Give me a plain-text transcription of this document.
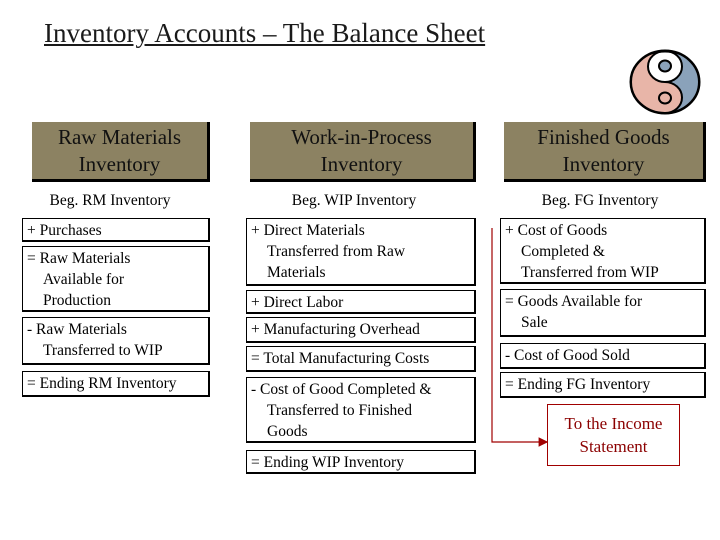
Inventory Accounts – The Balance Sheet
Raw Materials
Inventory
Work-in-Process
Inventory
Finished Goods
Inventory
Beg. RM Inventory	Beg. WIP Inventory	Beg. FG Inventory
+ Purchases
= Raw Materials
Available for
Production
- Raw Materials
Transferred to WIP
= Ending RM Inventory
+ Direct Materials
Transferred from Raw
Materials
+ Direct Labor
+ Manufacturing Overhead
= Total Manufacturing Costs
- Cost of Good Completed &
Transferred to Finished
Goods
= Ending WIP Inventory
+ Cost of Goods
Completed &
Transferred from WIP
= Goods Available for
Sale
- Cost of Good Sold
= Ending FG Inventory
To the Income
Statement
